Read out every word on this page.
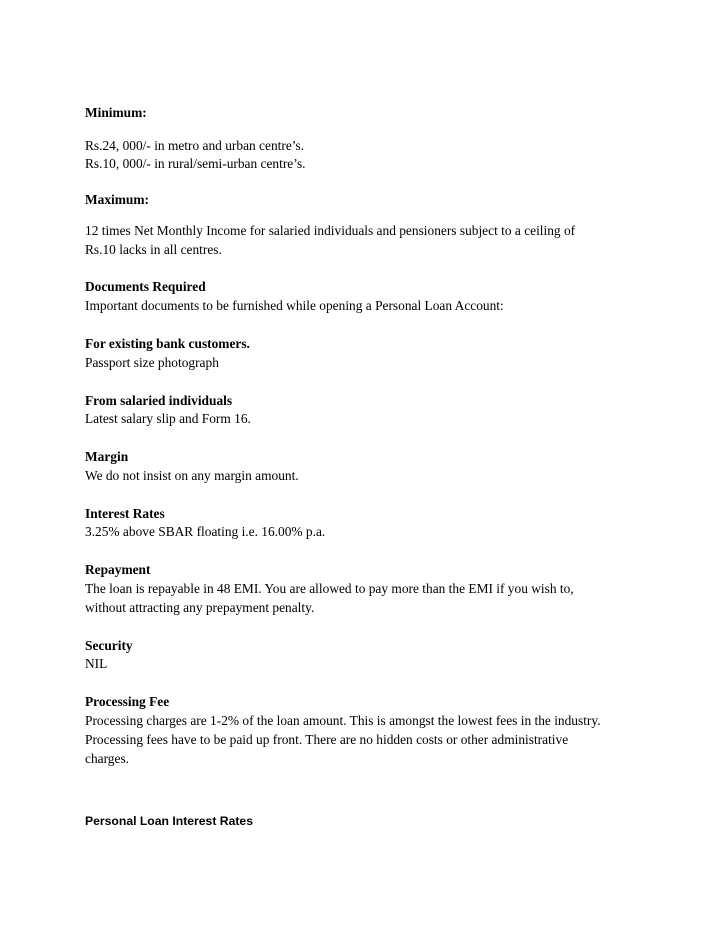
Minimum:
Rs.24, 000/- in metro and urban centre’s.
Rs.10, 000/- in rural/semi-urban centre’s.
Maximum:
12 times Net Monthly Income for salaried individuals and pensioners subject to a ceiling of
Rs.10 lacks in all centres.
Documents Required
Important documents to be furnished while opening a Personal Loan Account:
For existing bank customers.
Passport size photograph
From salaried individuals
Latest salary slip and Form 16.
Margin
We do not insist on any margin amount.
Interest Rates
3.25% above SBAR floating i.e. 16.00% p.a.
Repayment
The loan is repayable in 48 EMI. You are allowed to pay more than the EMI if you wish to,
without attracting any prepayment penalty.
Security
NIL
Processing Fee
Processing charges are 1-2% of the loan amount. This is amongst the lowest fees in the industry.
Processing fees have to be paid up front. There are no hidden costs or other administrative
charges.
Personal Loan Interest Rates
